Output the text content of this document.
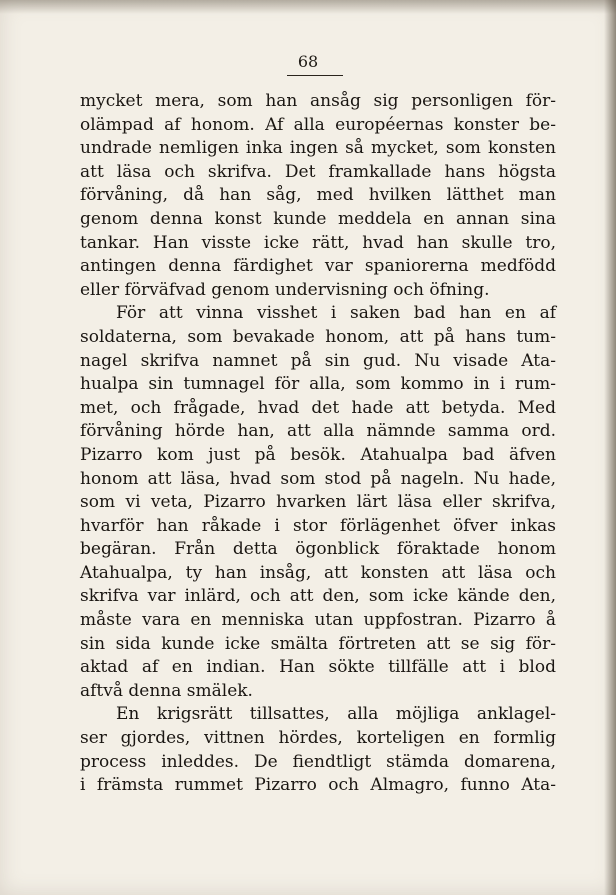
68
mycket mera, som han ansåg sig personligen för-
olämpad af honom. Af alla européernas konster be-
undrade nemligen inka ingen så mycket, som konsten
att läsa och skrifva. Det framkallade hans högsta
förvåning, då han såg, med hvilken lätthet man
genom denna konst kunde meddela en annan sina
tankar. Han visste icke rätt, hvad han skulle tro,
antingen denna färdighet var spaniorerna medfödd
eller förväfvad genom undervisning och öfning.
För att vinna visshet i saken bad han en af
soldaterna, som bevakade honom, att på hans tum-
nagel skrifva namnet på sin gud. Nu visade Ata-
hualpa sin tumnagel för alla, som kommo in i rum-
met, och frågade, hvad det hade att betyda. Med
förvåning hörde han, att alla nämnde samma ord.
Pizarro kom just på besök. Atahualpa bad äfven
honom att läsa, hvad som stod på nageln. Nu hade,
som vi veta, Pizarro hvarken lärt läsa eller skrifva,
hvarför han råkade i stor förlägenhet öfver inkas
begäran. Från detta ögonblick föraktade honom
Atahualpa, ty han insåg, att konsten att läsa och
skrifva var inlärd, och att den, som icke kände den,
måste vara en menniska utan uppfostran. Pizarro å
sin sida kunde icke smälta förtreten att se sig för-
aktad af en indian. Han sökte tillfälle att i blod
aftvå denna smälek.
En krigsrätt tillsattes, alla möjliga anklagel-
ser gjordes, vittnen hördes, korteligen en formlig
process inleddes. De fiendtligt stämda domarena,
i främsta rummet Pizarro och Almagro, funno Ata-
